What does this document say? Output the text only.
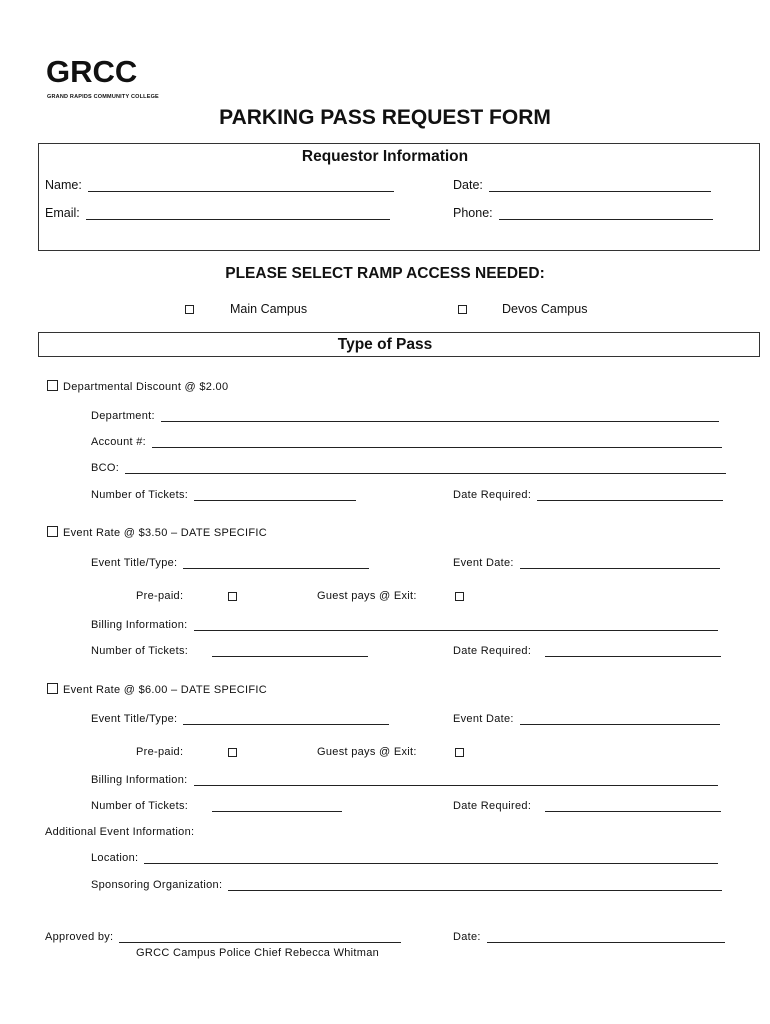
GRCC
GRAND RAPIDS COMMUNITY COLLEGE
PARKING PASS REQUEST FORM
Requestor Information
Name:	Date:
Email:	Phone:
PLEASE SELECT RAMP ACCESS NEEDED:
Main Campus	Devos Campus
Type of Pass
Departmental Discount @ $2.00
Department:
Account #:
BCO:
Number of Tickets:	Date Required:
Event Rate @ $3.50 – DATE SPECIFIC
Event Title/Type:	Event Date:
Pre-paid:	Guest pays @ Exit:
Billing Information:
Number of Tickets:	Date Required:
Event Rate @ $6.00 – DATE SPECIFIC
Event Title/Type:	Event Date:
Pre-paid:	Guest pays @ Exit:
Billing Information:
Number of Tickets:	Date Required:
Additional Event Information:
Location:
Sponsoring Organization:
Approved by:
GRCC Campus Police Chief Rebecca Whitman
Date:
